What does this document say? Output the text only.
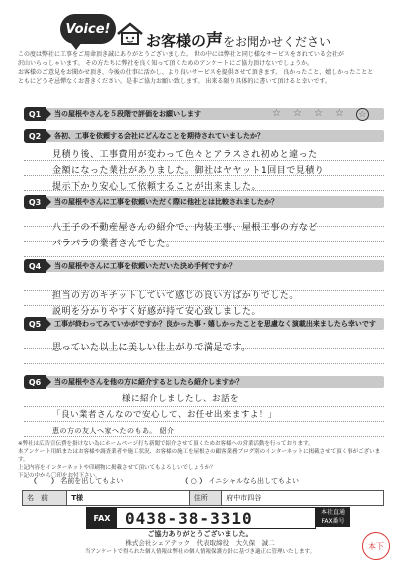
Voice!
お客様の声をお聞かせください

この度は弊社に工事をご用命頂き誠にありがとうございました。 世の中には弊社と同じ様なサービスをされている会社が

沢山いらっしゃいます。 その方たちに弊社を良く知って頂くためのアンケートにご協力頂けないでしょうか。

お客様のご意見をお聞かせ頂き、今後の仕事に活かし、より良いサービスを提供させて頂きます。 良かったこと、嬉しかったことと

ともにどうぞ忌憚なくお書きください。是非ご協力お願い致します。 出来る限り具体的に書いて頂けると幸いです。

Q1	当の屋根やさんを５段階で評価をお願いします	☆ ☆ ☆ ☆ ☆
Q2	各初、工事を依頼する会社にどんなことを期待されていましたか？

見積り後、工事費用が変わって色々とアラスされ初めと違った

金額になった業社がありました。御社はヤヤット1回目で見積り

提示下かり安心して依頼することが出来ました。

Q3	当の屋根やさんに工事を依頼いただく際に他社とは比較されましたか？

八王子の不動産屋さんの紹介で、内装工事、屋根工事の方など

バラバラの業者さんでした。

Q4	当の屋根やさんに工事を依頼いただいた決め手何ですか？

担当の方のキチットしていて感じの良い方ばかりでした。

説明を分かりやすく好感が持て安心致しました。

Q5	工事が終わってみていかがですか？良かった事・嬉しかったことを思慮なく演載出来ましたら幸いです

思っていた以上に美しい仕上がりで満足です。

Q6	当の屋根やさんを他の方に紹介するとしたら紹介しますか？

様に紹介しましたし、お話を

「良い業者さんなので安心して、お任せ出来ますよ！」

恵の方の友人へ家へたのもあ。 紹介

※弊社は広告宣伝費を掛けない為にホームページ打ち新聞で紹介させて頂くためお客様への営業活動を行っております。

本アンケート用紙またはお客様や調査業者や施工状況、お客様の施工を屋根さの顧客業務ブログ別のインターネットに掲載させて頂く事がございます。

上記内容をインターネットや印刷物に掲載させて頂いてもよろしいでしょうか？

下記の中から〇印をお付下さい。

（　　） 名前を出してもよい	（ ○ ） イニシャルなら出してもよい
名　前	T様	住所	府中市四谷
FAX 0438-38-3310	本社直通
FAX番号

ご協力ありがとうございました。

株式会社シェアテック　代表取締役　大久保　誠二

当アンケートで得られた個人情報は弊社の個人情報保護方針に基づき適正に管理いたします。

本下
